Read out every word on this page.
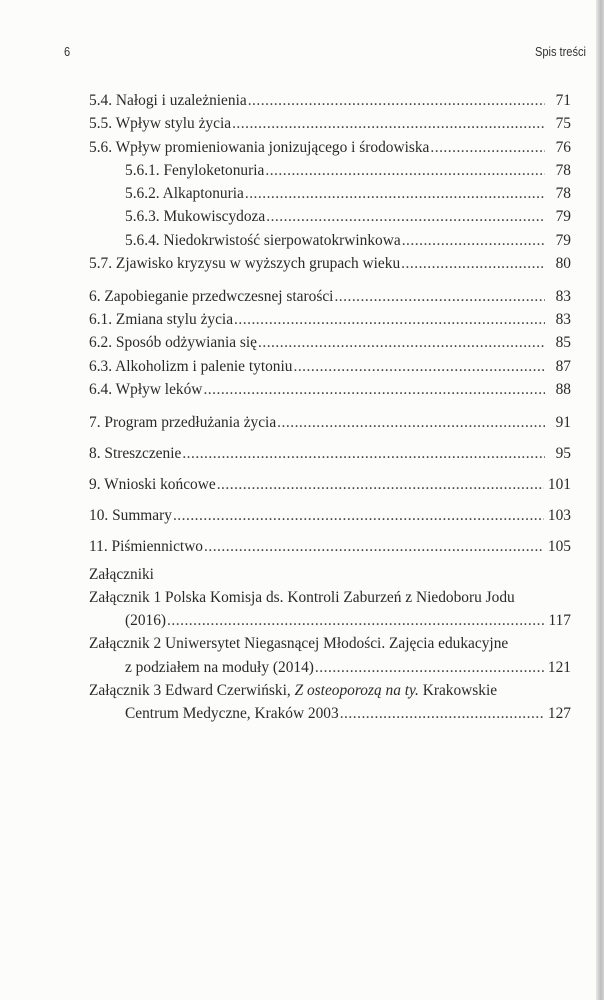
6	Spis treści
5.4. Nałogi i uzależnienia .....	71
5.5. Wpływ stylu życia .....	75
5.6. Wpływ promieniowania jonizującego i środowiska .....	76
5.6.1. Fenyloketonuria .....	78
5.6.2. Alkaptonuria .....	78
5.6.3. Mukowiscydoza .....	79
5.6.4. Niedokrwistość sierpowatokrwinkowa .....	79
5.7. Zjawisko kryzysu w wyższych grupach wieku .....	80
6. Zapobieganie przedwczesnej starości .....	83
6.1. Zmiana stylu życia .....	83
6.2. Sposób odżywiania się .....	85
6.3. Alkoholizm i palenie tytoniu .....	87
6.4. Wpływ leków .....	88
7. Program przedłużania życia .....	91
8. Streszczenie .....	95
9. Wnioski końcowe .....	101
10. Summary .....	103
11. Piśmiennictwo .....	105
Załączniki
Załącznik 1 Polska Komisja ds. Kontroli Zaburzeń z Niedoboru Jodu
(2016) .....	117
Załącznik 2 Uniwersytet Niegasnącej Młodości. Zajęcia edukacyjne
z podziałem na moduły (2014) .....	121
Załącznik 3 Edward Czerwiński, Z osteoporozą na ty. Krakowskie
Centrum Medyczne, Kraków 2003 .....	127
